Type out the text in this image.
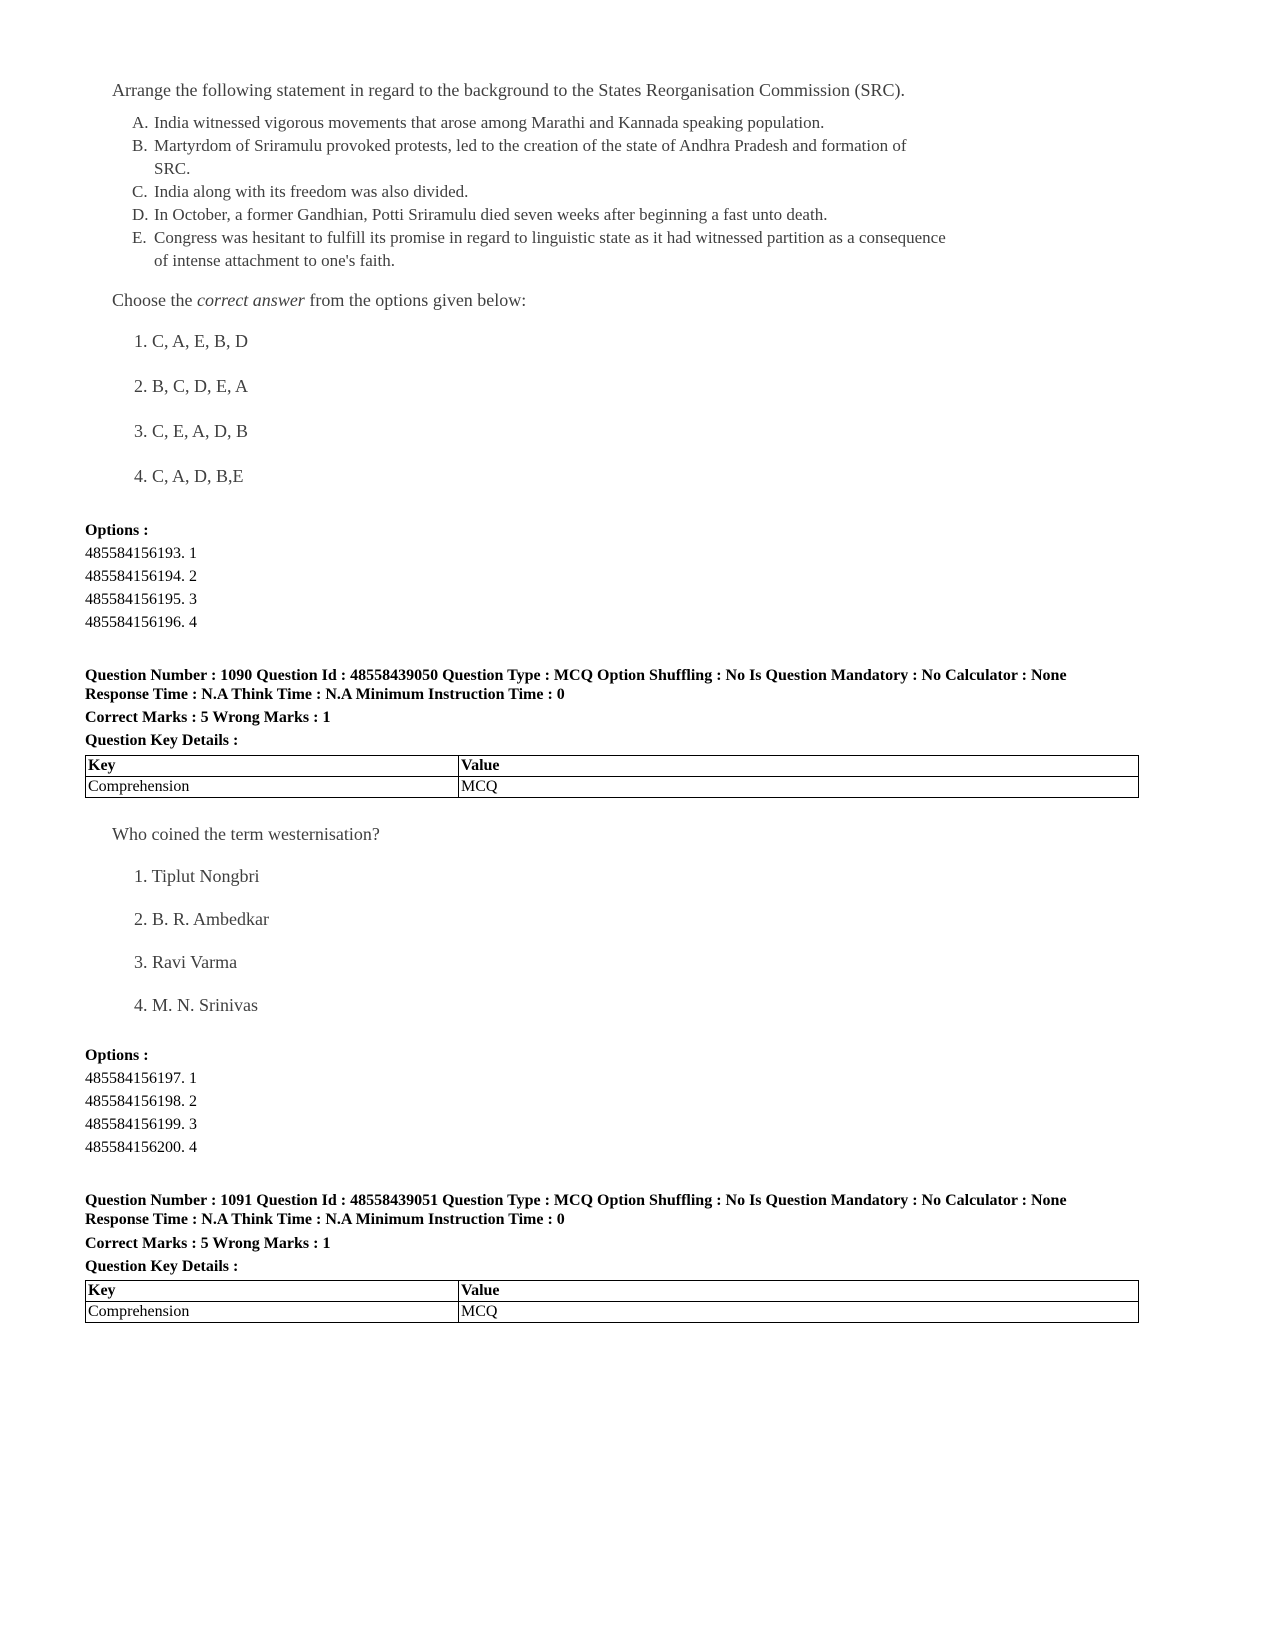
Arrange the following statement in regard to the background to the States Reorganisation Commission (SRC).

A. India witnessed vigorous movements that arose among Marathi and Kannada speaking population.
B. Martyrdom of Sriramulu provoked protests, led to the creation of the state of Andhra Pradesh and formation of SRC.
C. India along with its freedom was also divided.
D. In October, a former Gandhian, Potti Sriramulu died seven weeks after beginning a fast unto death.
E. Congress was hesitant to fulfill its promise in regard to linguistic state as it had witnessed partition as a consequence of intense attachment to one's faith.

Choose the correct answer from the options given below:

1. C, A, E, B, D
2. B, C, D, E, A
3. C, E, A, D, B
4. C, A, D, B,E
Options :
485584156193. 1
485584156194. 2
485584156195. 3
485584156196. 4
Question Number : 1090 Question Id : 48558439050 Question Type : MCQ Option Shuffling : No Is Question Mandatory : No Calculator : None
Response Time : N.A Think Time : N.A Minimum Instruction Time : 0
Correct Marks : 5 Wrong Marks : 1
Question Key Details :
Key	Value
Comprehension	MCQ

Who coined the term westernisation?

1. Tiplut Nongbri
2. B. R. Ambedkar
3. Ravi Varma
4. M. N. Srinivas
Options :
485584156197. 1
485584156198. 2
485584156199. 3
485584156200. 4
Question Number : 1091 Question Id : 48558439051 Question Type : MCQ Option Shuffling : No Is Question Mandatory : No Calculator : None
Response Time : N.A Think Time : N.A Minimum Instruction Time : 0
Correct Marks : 5 Wrong Marks : 1
Question Key Details :
Key	Value
Comprehension	MCQ
